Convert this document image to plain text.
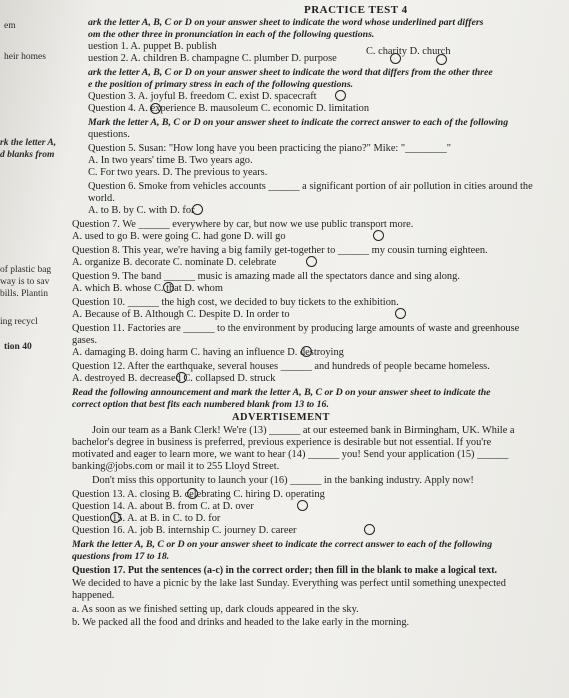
PRACTICE TEST 4
em
heir homes
rk the letter A,
d blanks from
of plastic bag
way is to sav
bills. Plantin
ing recycl
tion 40
ark the letter A, B, C or D on your answer sheet to indicate the word whose underlined part differs
om the other three in pronunciation in each of the following questions.
uestion 1. A. puppet B. publish	C. charity D. church
uestion 2. A. children B. champagne C. plumber D. purpose
ark the letter A, B, C or D on your answer sheet to indicate the word that differs from the other three
e the position of primary stress in each of the following questions.
Question 3. A. joyful B. freedom C. exist D. spacecraft
Question 4. A. experience B. mausoleum C. economic D. limitation
Mark the letter A, B, C or D on your answer sheet to indicate the correct answer to each of the following
questions.
Question 5. Susan: "How long have you been practicing the piano?" Mike: "________"
A. In two years' time B. Two years ago.
C. For two years. D. The previous to years.
Question 6. Smoke from vehicles accounts ______ a significant portion of air pollution in cities around the
world.
A. to B. by C. with D. for
Question 7. We ______ everywhere by car, but now we use public transport more.
A. used to go B. were going C. had gone D. will go
Question 8. This year, we're having a big family get-together to ______ my cousin turning eighteen.
A. organize B. decorate C. nominate D. celebrate
Question 9. The band ______ music is amazing made all the spectators dance and sing along.
A. which B. whose C. that D. whom
Question 10. ______ the high cost, we decided to buy tickets to the exhibition.
A. Because of B. Although C. Despite D. In order to
Question 11. Factories are ______ to the environment by producing large amounts of waste and greenhouse
gases.
A. damaging B. doing harm C. having an influence D. destroying
Question 12. After the earthquake, several houses ______ and hundreds of people became homeless.
A. destroyed B. decreased C. collapsed D. struck
Read the following announcement and mark the letter A, B, C or D on your answer sheet to indicate the
correct option that best fits each numbered blank from 13 to 16.
ADVERTISEMENT
Join our team as a Bank Clerk! We're (13) ______ at our esteemed bank in Birmingham, UK. While a
bachelor's degree in business is preferred, previous experience is desirable but not essential. If you're
motivated and eager to learn more, we want to hear (14) ______ you! Send your application (15) ______
banking@jobs.com or mail it to 255 Lloyd Street.
Don't miss this opportunity to launch your (16) ______ in the banking industry. Apply now!
Question 13. A. closing B. celebrating C. hiring D. operating
Question 14. A. about B. from C. at D. over
Question 15. A. at B. in C. to D. for
Question 16. A. job B. internship C. journey D. career
Mark the letter A, B, C or D on your answer sheet to indicate the correct answer to each of the following
questions from 17 to 18.
Question 17. Put the sentences (a-c) in the correct order; then fill in the blank to make a logical text.
We decided to have a picnic by the lake last Sunday. Everything was perfect until something unexpected
happened.
a. As soon as we finished setting up, dark clouds appeared in the sky.
b. We packed all the food and drinks and headed to the lake early in the morning.
